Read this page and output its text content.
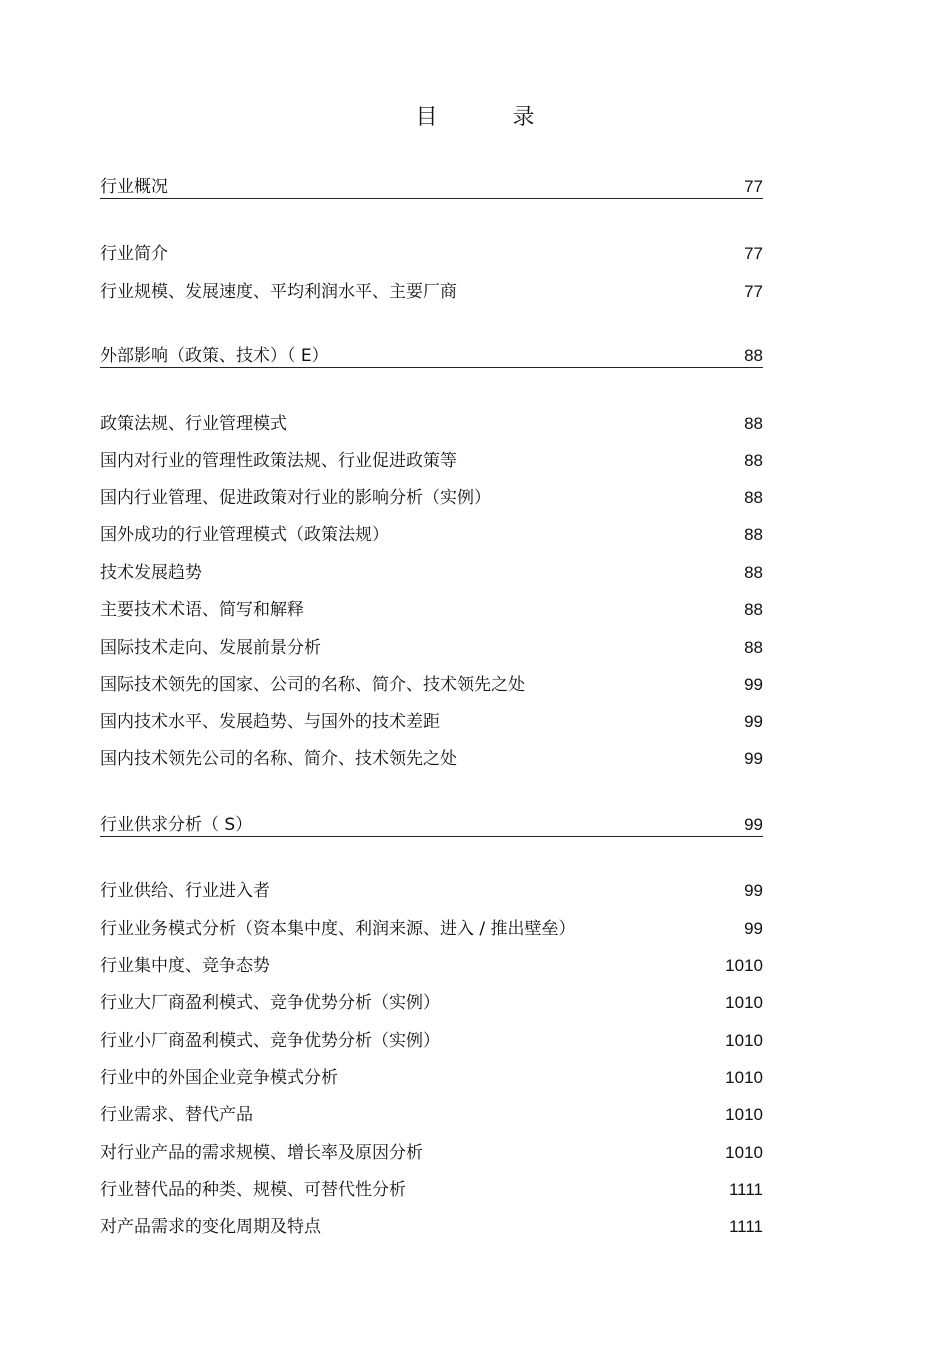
目 录
行业概况	77
行业简介	77
行业规模、发展速度、平均利润水平、主要厂商	77
外部影响（政策、技术）（ E）	88
政策法规、行业管理模式	88
国内对行业的管理性政策法规、行业促进政策等	88
国内行业管理、促进政策对行业的影响分析（实例）	88
国外成功的行业管理模式（政策法规）	88
技术发展趋势	88
主要技术术语、简写和解释	88
国际技术走向、发展前景分析	88
国际技术领先的国家、公司的名称、简介、技术领先之处	99
国内技术水平、发展趋势、与国外的技术差距	99
国内技术领先公司的名称、简介、技术领先之处	99
行业供求分析（ S）	99
行业供给、行业进入者	99
行业业务模式分析（资本集中度、利润来源、进入 / 推出壁垒）	99
行业集中度、竞争态势	1010
行业大厂商盈利模式、竞争优势分析（实例）	1010
行业小厂商盈利模式、竞争优势分析（实例）	1010
行业中的外国企业竞争模式分析	1010
行业需求、替代产品	1010
对行业产品的需求规模、增长率及原因分析	1010
行业替代品的种类、规模、可替代性分析	1111
对产品需求的变化周期及特点	1111
